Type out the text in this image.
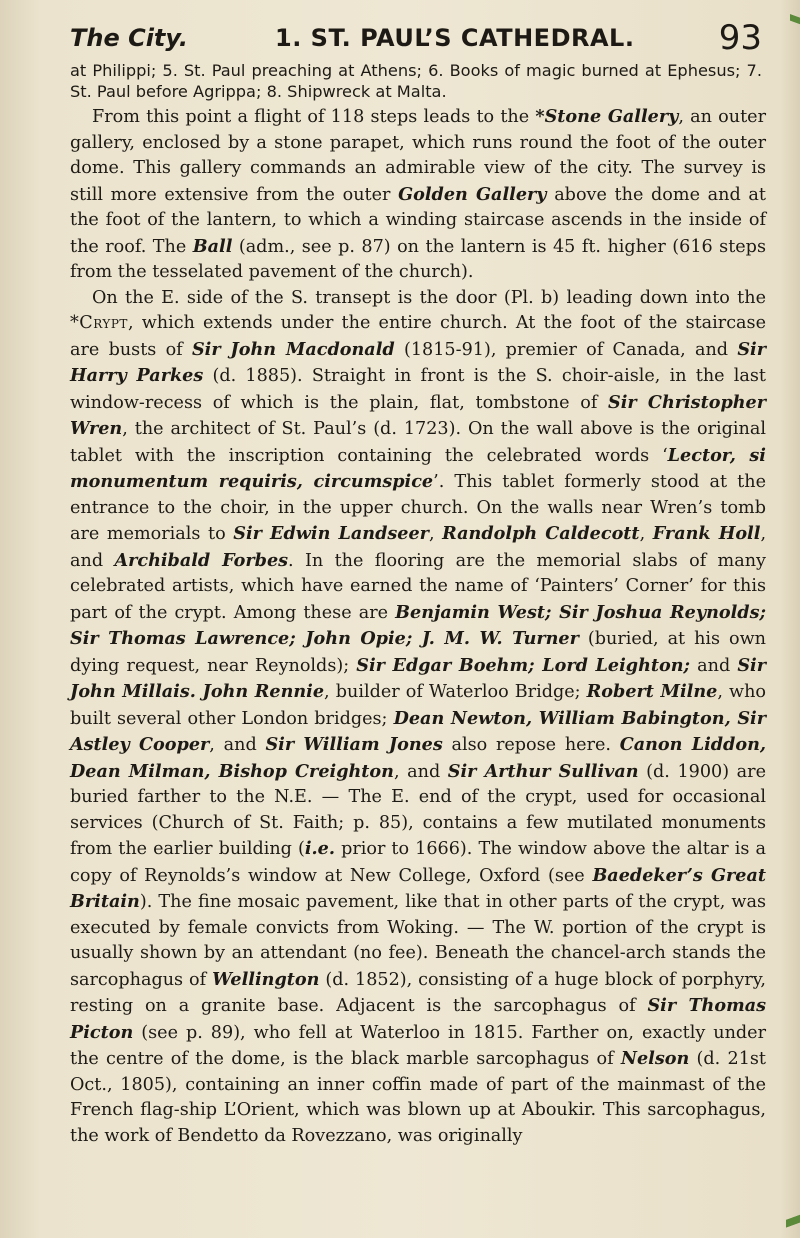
The City.	1. ST. PAUL’S CATHEDRAL. 93
at Philippi; 5. St. Paul preaching at Athens; 6. Books of magic burned at Ephesus; 7. St. Paul before Agrippa; 8. Shipwreck at Malta.

From this point a flight of 118 steps leads to the *Stone Gallery, an outer gallery, enclosed by a stone parapet, which runs round the foot of the outer dome. This gallery commands an admirable view of the city. The survey is still more extensive from the outer Golden Gallery above the dome and at the foot of the lantern, to which a winding staircase ascends in the inside of the roof. The Ball (adm., see p. 87) on the lantern is 45 ft. higher (616 steps from the tesselated pavement of the church).

On the E. side of the S. transept is the door (Pl. b) leading down into the *Crypt, which extends under the entire church. At the foot of the staircase are busts of Sir John Macdonald (1815-91), premier of Canada, and Sir Harry Parkes (d. 1885). Straight in front is the S. choir-aisle, in the last window-recess of which is the plain, flat, tombstone of Sir Christopher Wren, the architect of St. Paul’s (d. 1723). On the wall above is the original tablet with the inscription containing the celebrated words ‘Lector, si monumentum requiris, circumspice’. This tablet formerly stood at the entrance to the choir, in the upper church. On the walls near Wren’s tomb are memorials to Sir Edwin Landseer, Randolph Caldecott, Frank Holl, and Archibald Forbes. In the flooring are the memorial slabs of many celebrated artists, which have earned the name of ‘Painters’ Corner’ for this part of the crypt. Among these are Benjamin West; Sir Joshua Reynolds; Sir Thomas Lawrence; John Opie; J. M. W. Turner (buried, at his own dying request, near Reynolds); Sir Edgar Boehm; Lord Leighton; and Sir John Millais. John Rennie, builder of Waterloo Bridge; Robert Milne, who built several other London bridges; Dean Newton, William Babington, Sir Astley Cooper, and Sir William Jones also repose here. Canon Liddon, Dean Milman, Bishop Creighton, and Sir Arthur Sullivan (d. 1900) are buried farther to the N.E. — The E. end of the crypt, used for occasional services (Church of St. Faith; p. 85), contains a few mutilated monuments from the earlier building (i.e. prior to 1666). The window above the altar is a copy of Reynolds’s window at New College, Oxford (see Baedeker’s Great Britain). The fine mosaic pavement, like that in other parts of the crypt, was executed by female convicts from Woking. — The W. portion of the crypt is usually shown by an attendant (no fee). Beneath the chancel-arch stands the sarcophagus of Wellington (d. 1852), consisting of a huge block of porphyry, resting on a granite base. Adjacent is the sarcophagus of Sir Thomas Picton (see p. 89), who fell at Waterloo in 1815. Farther on, exactly under the centre of the dome, is the black marble sarcophagus of Nelson (d. 21st Oct., 1805), containing an inner coffin made of part of the mainmast of the French flag-ship L’Orient, which was blown up at Aboukir. This sarcophagus, the work of Bendetto da Rovezzano, was originally
